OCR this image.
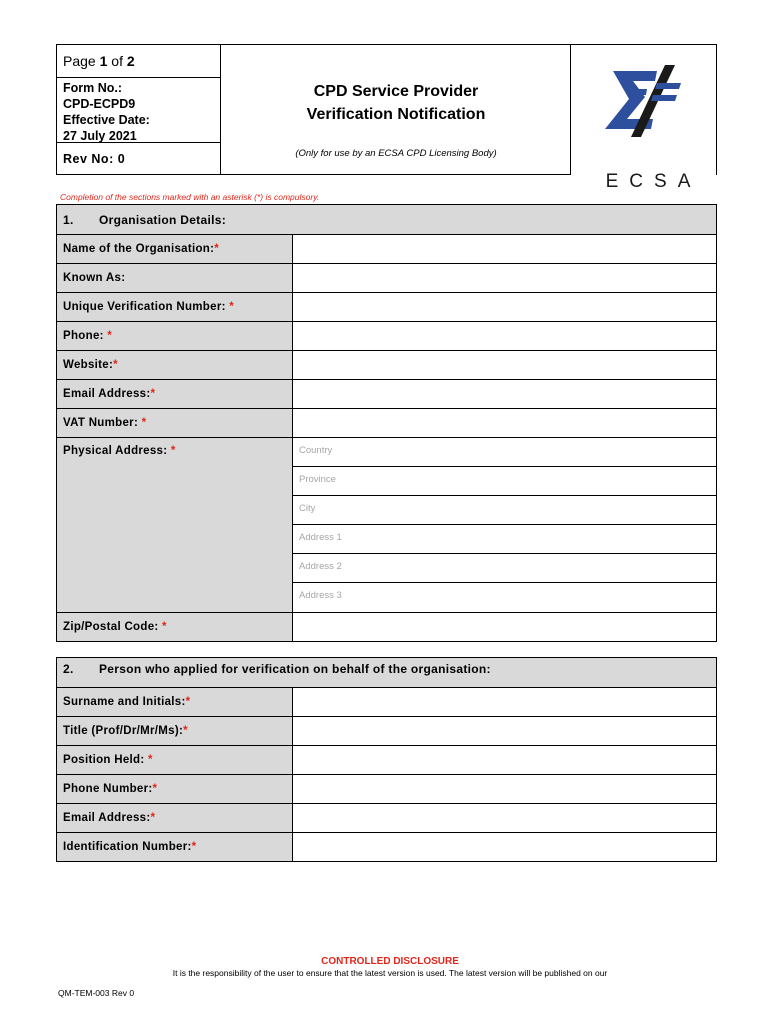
Page 1 of 2
Form No.:
CPD-ECPD9
Effective Date:
27 July 2021
Rev No: 0
CPD Service Provider
Verification Notification
(Only for use by an ECSA CPD Licensing Body)
ECSA
Completion of the sections marked with an asterisk (*) is compulsory.
1. Organisation Details:
Name of the Organisation:*
Known As:
Unique Verification Number: *
Phone: *
Website:*
Email Address:*
VAT Number: *
Physical Address: *	Country
Province
City
Address 1
Address 2
Address 3
Zip/Postal Code: *
2. Person who applied for verification on behalf of the organisation:
Surname and Initials:*
Title (Prof/Dr/Mr/Ms):*
Position Held: *
Phone Number:*
Email Address:*
Identification Number:*
CONTROLLED DISCLOSURE
It is the responsibility of the user to ensure that the latest version is used. The latest version will be published on our
QM-TEM-003 Rev 0
